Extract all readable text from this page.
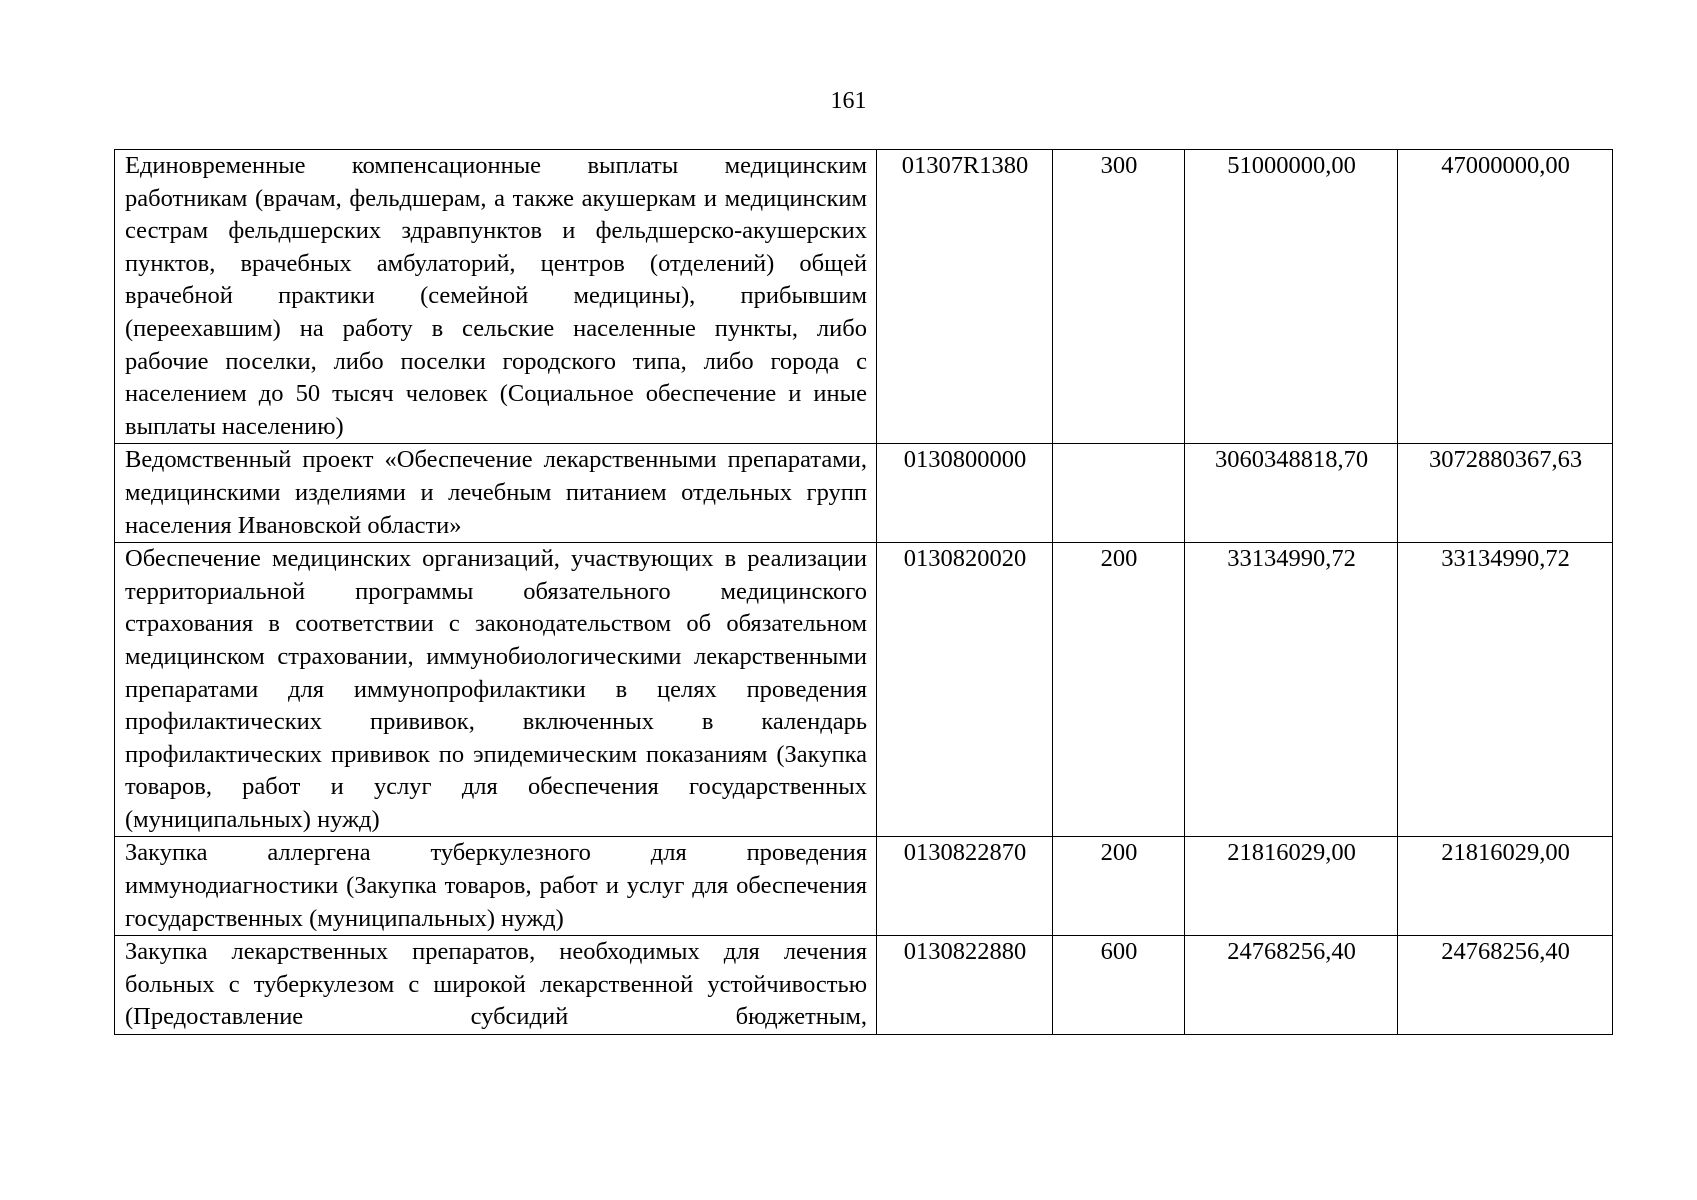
161
Единовременные компенсационные выплаты медицинским работникам (врачам, фельдшерам, а также акушеркам и медицинским сестрам фельдшерских здравпунктов и фельдшерско-акушерских пунктов, врачебных амбулаторий, центров (отделений) общей врачебной практики (семейной медицины), прибывшим (переехавшим) на работу в сельские населенные пункты, либо рабочие поселки, либо поселки городского типа, либо города с населением до 50 тысяч человек (Социальное обеспечение и иные выплаты населению)	01307R1380	300	51000000,00	47000000,00
Ведомственный проект «Обеспечение лекарственными препаратами, медицинскими изделиями и лечебным питанием отдельных групп населения Ивановской области»	0130800000		3060348818,70	3072880367,63
Обеспечение медицинских организаций, участвующих в реализации территориальной программы обязательного медицинского страхования в соответствии с законодательством об обязательном медицинском страховании, иммунобиологическими лекарственными препаратами для иммунопрофилактики в целях проведения профилактических прививок, включенных в календарь профилактических прививок по эпидемическим показаниям (Закупка товаров, работ и услуг для обеспечения государственных (муниципальных) нужд)	0130820020	200	33134990,72	33134990,72
Закупка аллергена туберкулезного для проведения иммунодиагностики (Закупка товаров, работ и услуг для обеспечения государственных (муниципальных) нужд)	0130822870	200	21816029,00	21816029,00
Закупка лекарственных препаратов, необходимых для лечения больных с туберкулезом с широкой лекарственной устойчивостью (Предоставление субсидий бюджетным,	0130822880	600	24768256,40	24768256,40
